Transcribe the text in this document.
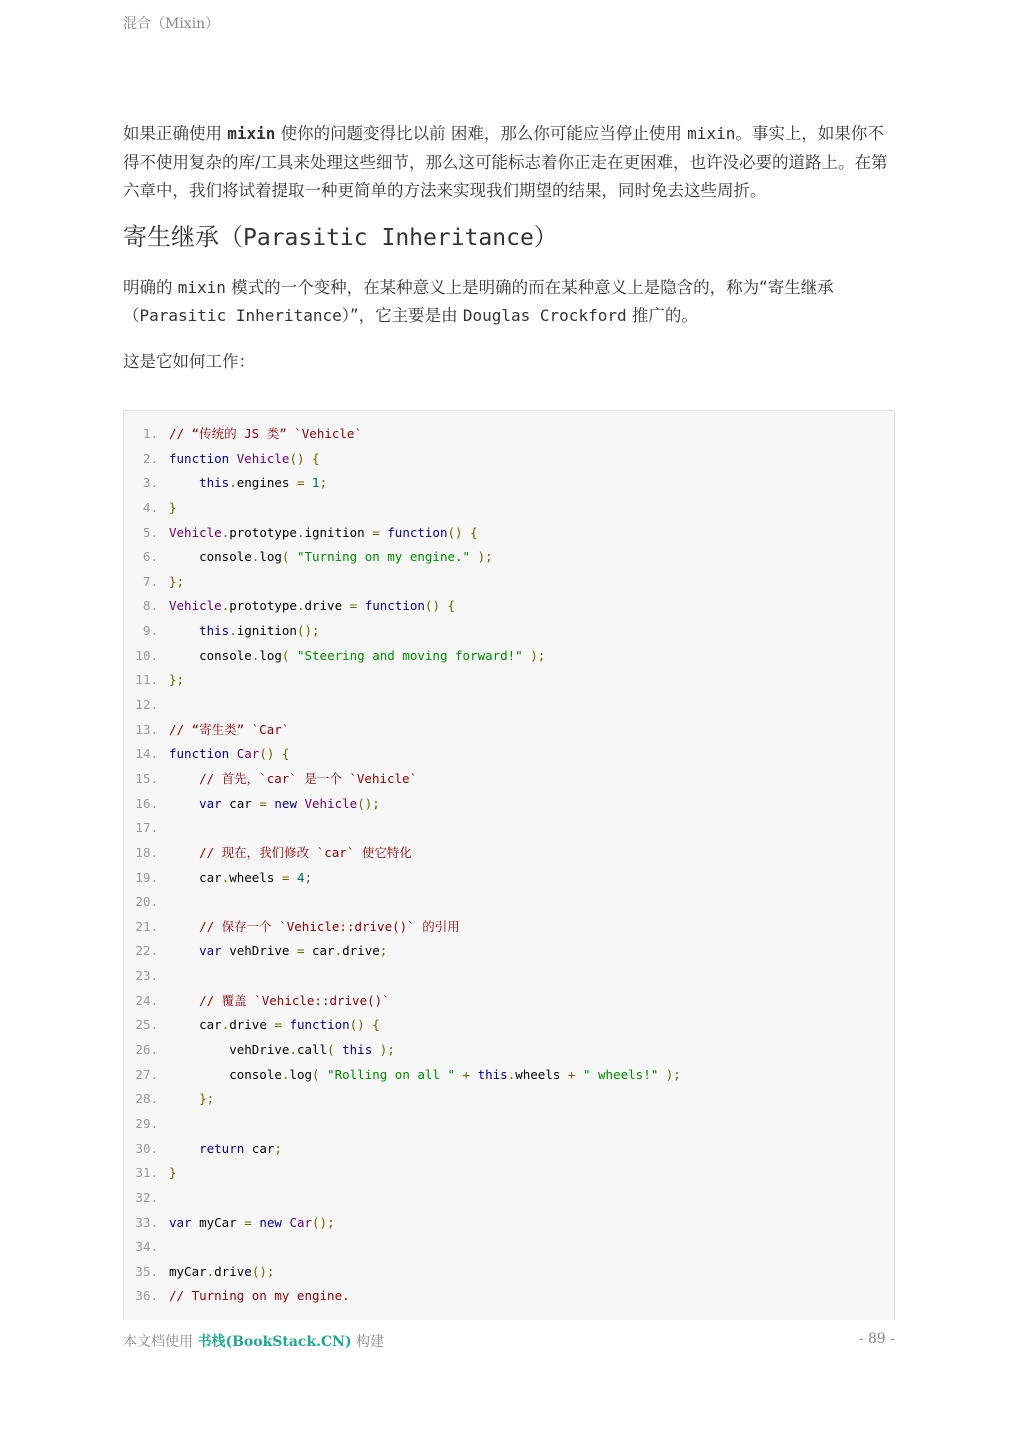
混合（Mixin）

如果正确使用 mixin 使你的问题变得比以前 困难，那么你可能应当停止使用 mixin。事实上，如果你不得不使用复杂的库/工具来处理这些细节，那么这可能标志着你正走在更困难，也许没必要的道路上。在第六章中，我们将试着提取一种更简单的方法来实现我们期望的结果，同时免去这些周折。

寄生继承（Parasitic Inheritance）

明确的 mixin 模式的一个变种，在某种意义上是明确的而在某种意义上是隐含的，称为“寄生继承（Parasitic Inheritance）”，它主要是由 Douglas Crockford 推广的。

这是它如何工作：

1. // “传统的 JS 类” `Vehicle`
2. function Vehicle() {
3.	this.engines = 1;
4. }
5. Vehicle.prototype.ignition = function() {
6.    console.log( "Turning on my engine." );
7. };
8. Vehicle.prototype.drive = function() {
9.	this.ignition();
10.    console.log( "Steering and moving forward!" );
11. };
12.
13. // “寄生类” `Car`
14. function Car() {
15.	// 首先，`car` 是一个 `Vehicle`
16.	var car = new Vehicle();
17.
18.	// 现在，我们修改 `car` 使它特化
19.    car.wheels = 4;
20.
21.	// 保存一个 `Vehicle::drive()` 的引用
22.	var vehDrive = car.drive;
23.
24.	// 覆盖 `Vehicle::drive()`
25.    car.drive = function() {
26.        vehDrive.call( this );
27.        console.log( "Rolling on all " + this.wheels + " wheels!" );
28.	};
29.
30.	return car;
31. }
32.
33. var myCar = new Car();
34.
35. myCar.drive();
36. // Turning on my engine.
本文档使用 书栈(BookStack.CN) 构建	- 89 -
